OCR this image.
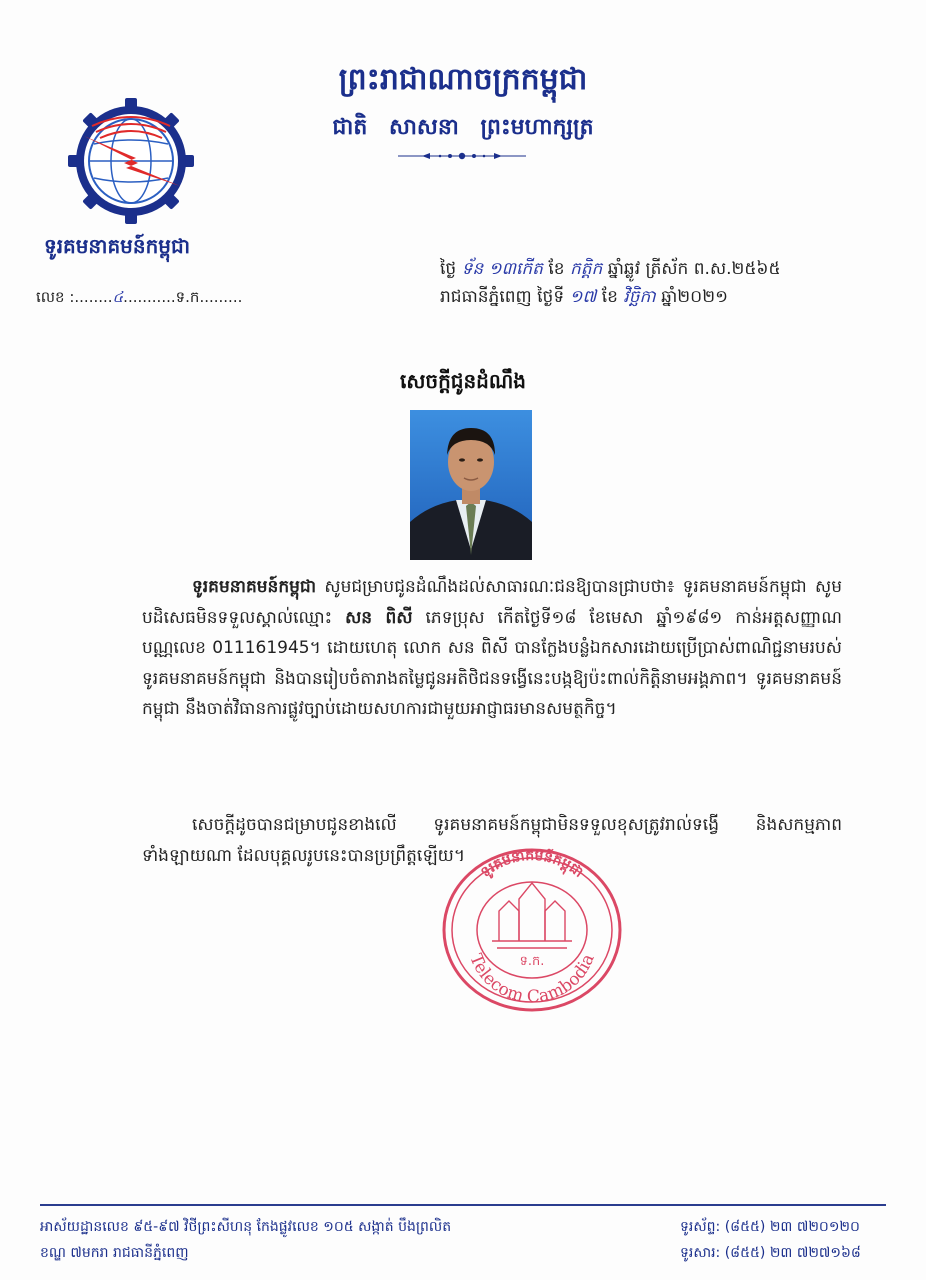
ព្រះរាជាណាចក្រកម្ពុជា
ជាតិ សាសនា ព្រះមហាក្សត្រ
ទូរគមនាគមន៍កម្ពុជា
លេខ :........៤...........ទ.ក.........
ថ្ងៃ ទ័ន ១៣កើត ខែ កត្តិក ឆ្នាំឆ្លូវ ត្រីស័ក ព.ស.២៥៦៥
រាជធានីភ្នំពេញ ថ្ងៃទី ១៧ ខែ វិច្ឆិកា ឆ្នាំ២០២១
សេចក្តីជូនដំណឹង
ទូរគមនាគមន៍កម្ពុជា សូមជម្រាបជូនដំណឹងដល់សាធារណៈជនឱ្យបានជ្រាបថា៖ ទូរគមនាគមន៍កម្ពុជា សូមបដិសេធមិនទទួលស្គាល់ឈ្មោះ សន ពិសី ភេទប្រុស កើតថ្ងៃទី១៨ ខែមេសា ឆ្នាំ១៩៨១ កាន់អត្តសញ្ញាណបណ្ណលេខ 011161945។ ដោយហេតុ លោក សន ពិសី បានក្លែងបន្លំឯកសារដោយប្រើប្រាស់ពាណិជ្ជនាមរបស់ទូរគមនាគមន៍កម្ពុជា និងបានរៀបចំតារាងតម្លៃជូនអតិថិជនទង្វើនេះបង្កឱ្យប៉ះពាល់កិត្តិនាមអង្គភាព។ ទូរគមនាគមន៍កម្ពុជា នឹងចាត់វិធានការផ្លូវច្បាប់ដោយសហការជាមួយអាជ្ញាធរមានសមត្ថកិច្ច។
សេចក្តីដូចបានជម្រាបជូនខាងលើ ទូរគមនាគមន៍កម្ពុជាមិនទទួលខុសត្រូវរាល់ទង្វើ និងសកម្មភាពទាំងឡាយណា ដែលបុគ្គលរូបនេះបានប្រព្រឹត្តឡើយ។
ទូរគមនាគមន៍កម្ពុជា
Telecom Cambodia
ទ.ក.
អាស័យដ្ឋានលេខ ៩៥-៩៧ វិថីព្រះសីហនុ កែងផ្លូវលេខ ១០៥ សង្កាត់ បឹងព្រលិត
ខណ្ឌ ៧មករា រាជធានីភ្នំពេញ
ទូរស័ព្ទ: (៨៥៥) ២៣ ៧២០១២០
ទូរសារ: (៨៥៥) ២៣ ៧២៧១៦៨
